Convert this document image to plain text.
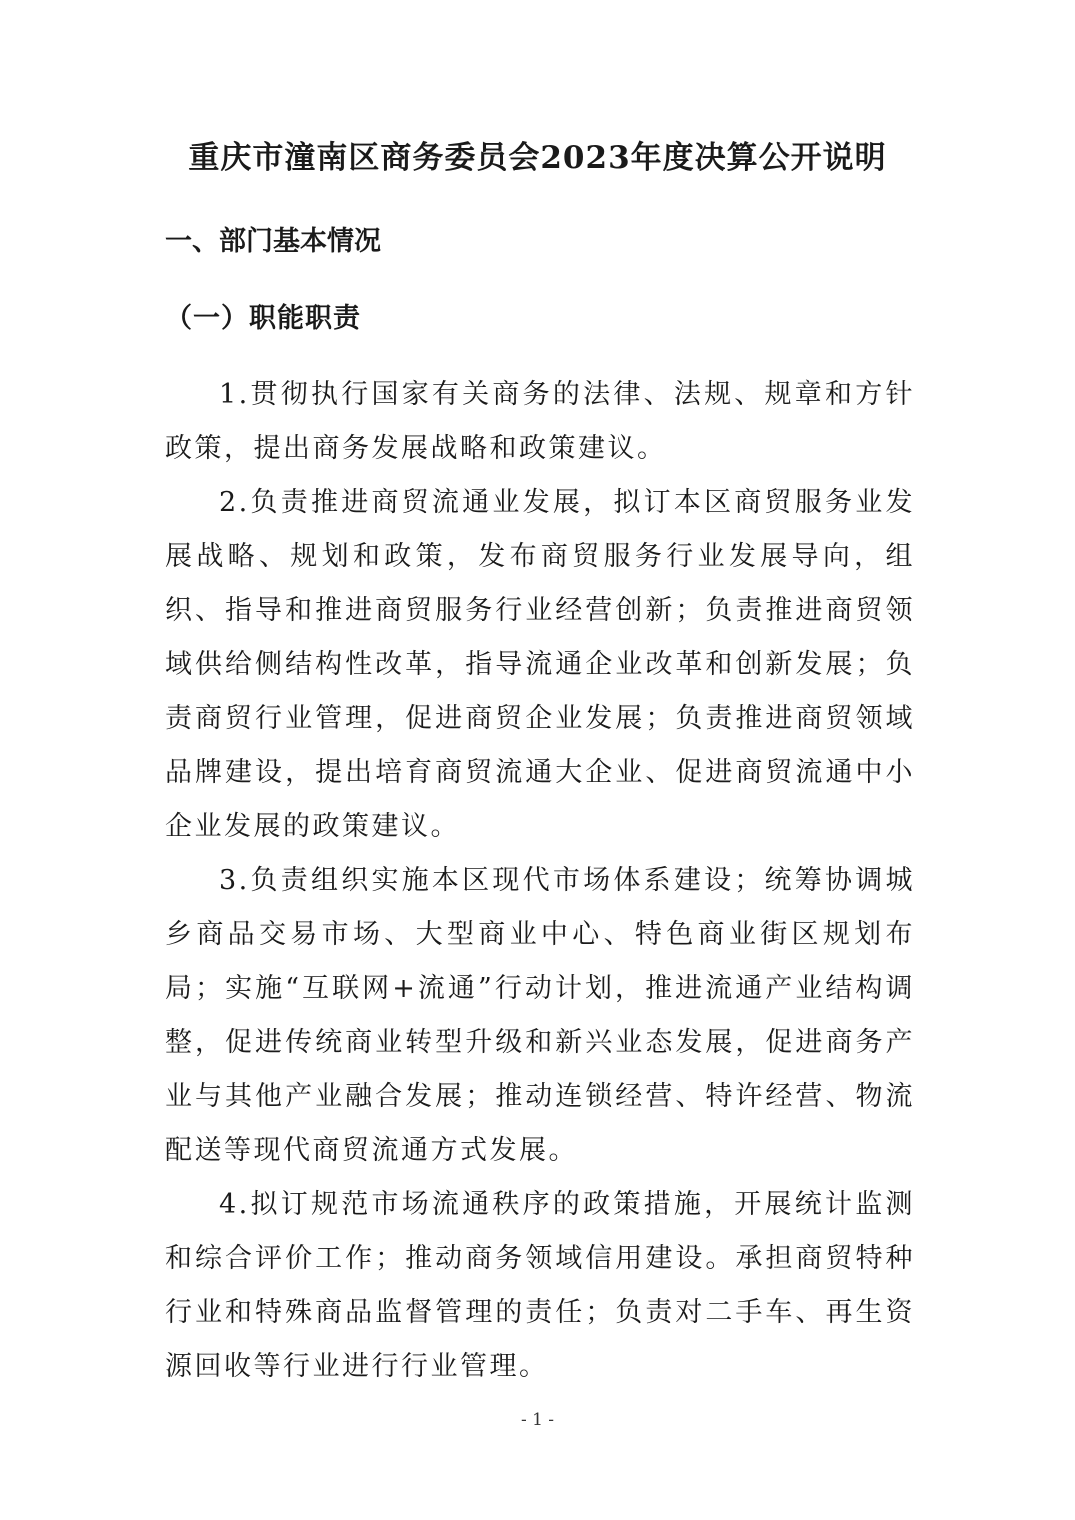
重庆市潼南区商务委员会2023年度决算公开说明
一、部门基本情况
（一）职能职责

1.贯彻执行国家有关商务的法律、法规、规章和方针政策，提出商务发展战略和政策建议。

2.负责推进商贸流通业发展，拟订本区商贸服务业发展战略、规划和政策，发布商贸服务行业发展导向，组织、指导和推进商贸服务行业经营创新；负责推进商贸领域供给侧结构性改革，指导流通企业改革和创新发展；负责商贸行业管理，促进商贸企业发展；负责推进商贸领域品牌建设，提出培育商贸流通大企业、促进商贸流通中小企业发展的政策建议。

3.负责组织实施本区现代市场体系建设；统筹协调城乡商品交易市场、大型商业中心、特色商业街区规划布局；实施“互联网+流通”行动计划，推进流通产业结构调整，促进传统商业转型升级和新兴业态发展，促进商务产业与其他产业融合发展；推动连锁经营、特许经营、物流配送等现代商贸流通方式发展。

4.拟订规范市场流通秩序的政策措施，开展统计监测和综合评价工作；推动商务领域信用建设。承担商贸特种行业和特殊商品监督管理的责任；负责对二手车、再生资源回收等行业进行行业管理。

- 1 -
